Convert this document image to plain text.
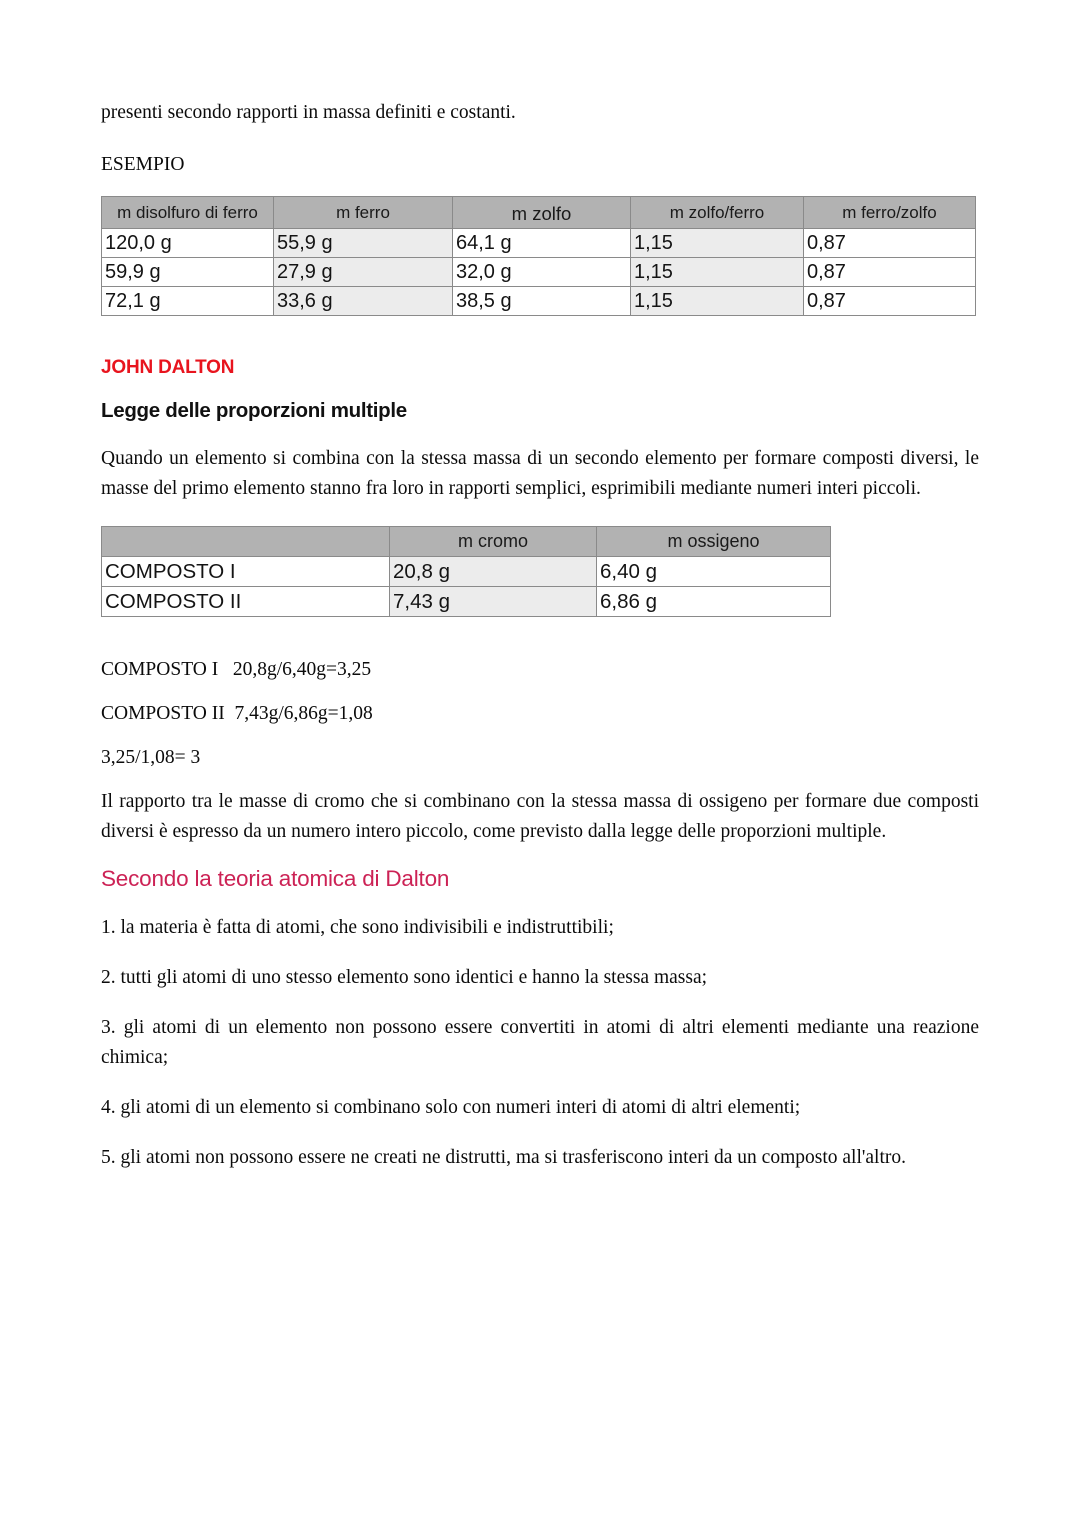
presenti secondo rapporti in massa definiti e costanti.

ESEMPIO

m disolfuro di ferro	m ferro	m zolfo	m zolfo/ferro	m ferro/zolfo
120,0 g	55,9 g	64,1 g	1,15	0,87
59,9 g	27,9 g	32,0 g	1,15	0,87
72,1 g	33,6 g	38,5 g	1,15	0,87
JOHN DALTON
Legge delle proporzioni multiple

Quando un elemento si combina con la stessa massa di un secondo elemento per formare composti diversi, le masse del primo elemento stanno fra loro in rapporti semplici, esprimibili mediante numeri interi piccoli.

	m cromo	m ossigeno
COMPOSTO I	20,8 g	6,40 g
COMPOSTO II	7,43 g	6,86 g

COMPOSTO I   20,8g/6,40g=3,25

COMPOSTO II  7,43g/6,86g=1,08

3,25/1,08= 3

Il rapporto tra le masse di cromo che si combinano con la stessa massa di ossigeno per formare due composti diversi è espresso da un numero intero piccolo, come previsto dalla legge delle proporzioni multiple.

Secondo la teoria atomica di Dalton

1. la materia è fatta di atomi, che sono indivisibili e indistruttibili;

2. tutti gli atomi di uno stesso elemento sono identici e hanno la stessa massa;

3. gli atomi di un elemento non possono essere convertiti in atomi di altri elementi mediante una reazione chimica;

4. gli atomi di un elemento si combinano solo con numeri interi di atomi di altri elementi;

5. gli atomi non possono essere ne creati ne distrutti, ma si trasferiscono interi da un composto all'altro.
